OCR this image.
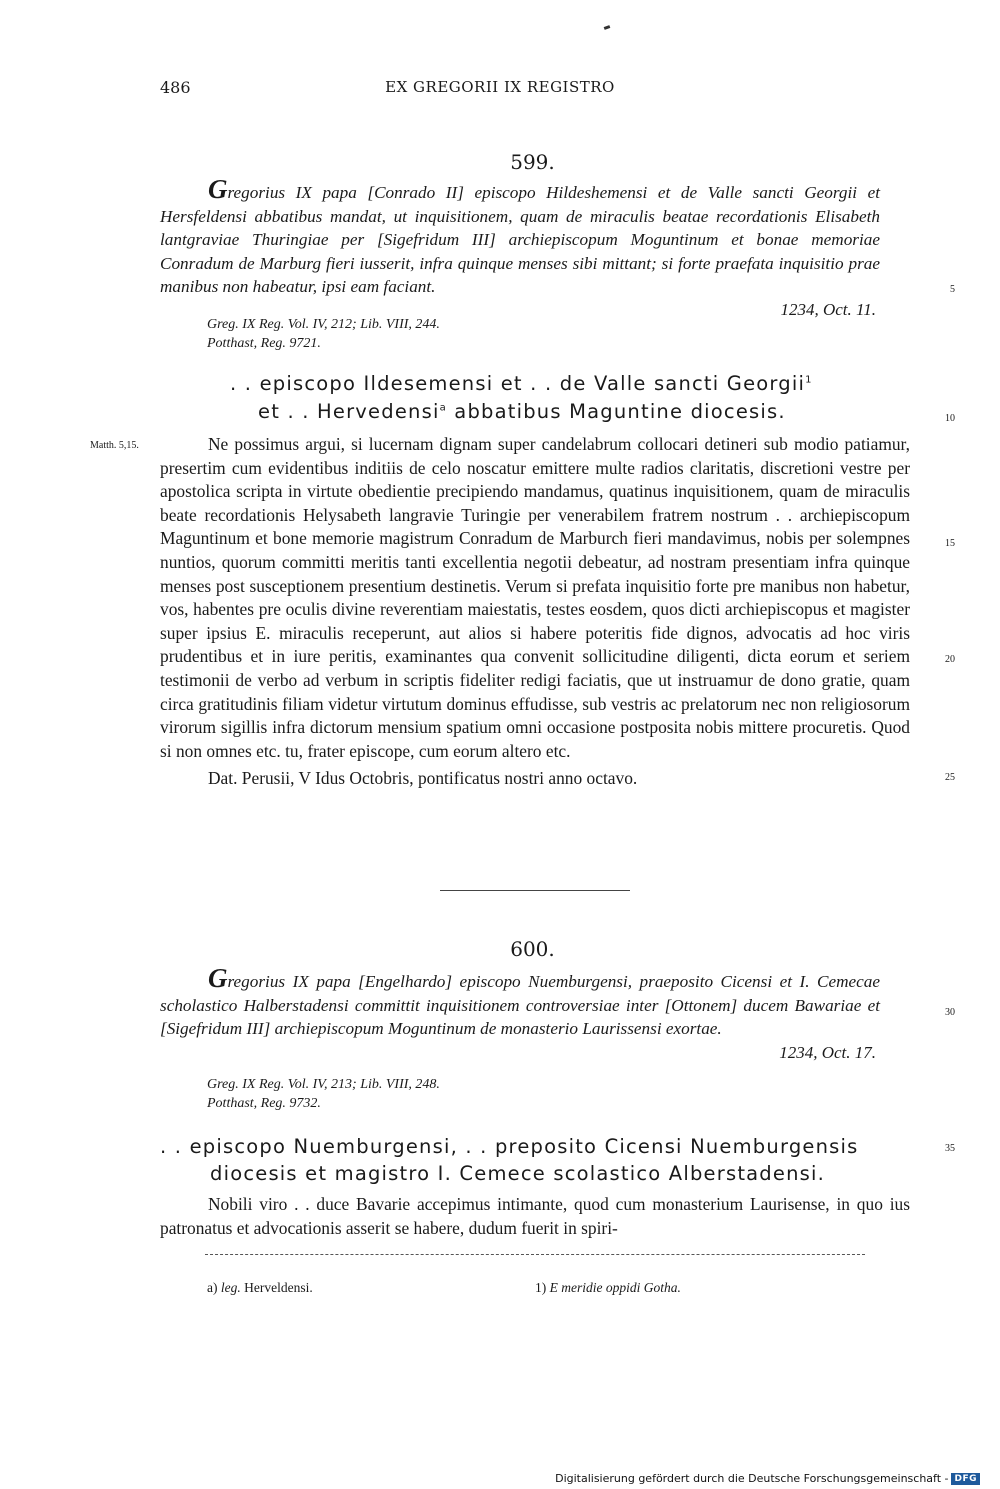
486	EX GREGORII IX REGISTRO
599.
Gregorius IX papa [Conrado II] episcopo Hildeshemensi et de Valle sancti Georgii et Hersfeldensi abbatibus mandat, ut inquisitionem, quam de miraculis beatae recordationis Elisabeth lantgraviae Thuringiae per [Sigefridum III] archiepiscopum Moguntinum et bonae memoriae Conradum de Marburg fieri iusserit, infra quinque menses sibi mittant; si forte praefata inquisitio prae manibus non habeatur, ipsi eam faciant.
1234, Oct. 11.
Greg. IX Reg. Vol. IV, 212; Lib. VIII, 244.
Potthast, Reg. 9721.
. . episcopo Ildesemensi et . . de Valle sancti Georgii$^1$
et . . Hervedensi$^a$ abbatibus Maguntine diocesis.
Matth. 5,15.	Ne possimus argui, si lucernam dignam super candelabrum collocari detineri sub modio patiamur, presertim cum evidentibus inditiis de celo noscatur emittere multe radios claritatis, discretioni vestre per apostolica scripta in virtute obedientie precipiendo mandamus, quatinus inquisitionem, quam de miraculis beate recordationis Helysabeth langravie Turingie per venerabilem fratrem nostrum . . archiepiscopum Maguntinum et bone memorie magistrum Conradum de Marburch fieri mandavimus, nobis per solempnes nuntios, quorum committi meritis tanti excellentia negotii debeatur, ad nostram presentiam infra quinque menses post susceptionem presentium destinetis. Verum si prefata inquisitio forte pre manibus non habetur, vos, habentes pre oculis divine reverentiam maiestatis, testes eosdem, quos dicti archiepiscopus et magister super ipsius E. miraculis receperunt, aut alios si habere poteritis fide dignos, advocatis ad hoc viris prudentibus et in iure peritis, examinantes qua convenit sollicitudine diligenti, dicta eorum et seriem testimonii de verbo ad verbum in scriptis fideliter redigi faciatis, que ut instruamur de dono gratie, quam circa gratitudinis filiam videtur virtutum dominus effudisse, sub vestris ac prelatorum nec non religiosorum virorum sigillis infra dictorum mensium spatium omni occasione postposita nobis mittere procuretis. Quod si non omnes etc. tu, frater episcope, cum eorum altero etc.

Dat. Perusii, V Idus Octobris, pontificatus nostri anno octavo.

600.
Gregorius IX papa [Engelhardo] episcopo Nuemburgensi, praeposito Cicensi et I. Cemecae scholastico Halberstadensi committit inquisitionem controversiae inter [Ottonem] ducem Bawariae et [Sigefridum III] archiepiscopum Moguntinum de monasterio Laurissensi exortae.
1234, Oct. 17.
Greg. IX Reg. Vol. IV, 213; Lib. VIII, 248.
Potthast, Reg. 9732.
. . episcopo Nuemburgensi, . . preposito Cicensi Nuemburgensis
diocesis et magistro I. Cemece scolastico Alberstadensi.

Nobili viro . . duce Bavarie accepimus intimante, quod cum monasterium Laurisense, in quo ius patronatus et advocationis asserit se habere, dudum fuerit in spiri-

5
10
15
20
25
30
35
a) leg. Herveldensi.	1) E meridie oppidi Gotha.
Digitalisierung gefördert durch die Deutsche Forschungsgemeinschaft - DFG
